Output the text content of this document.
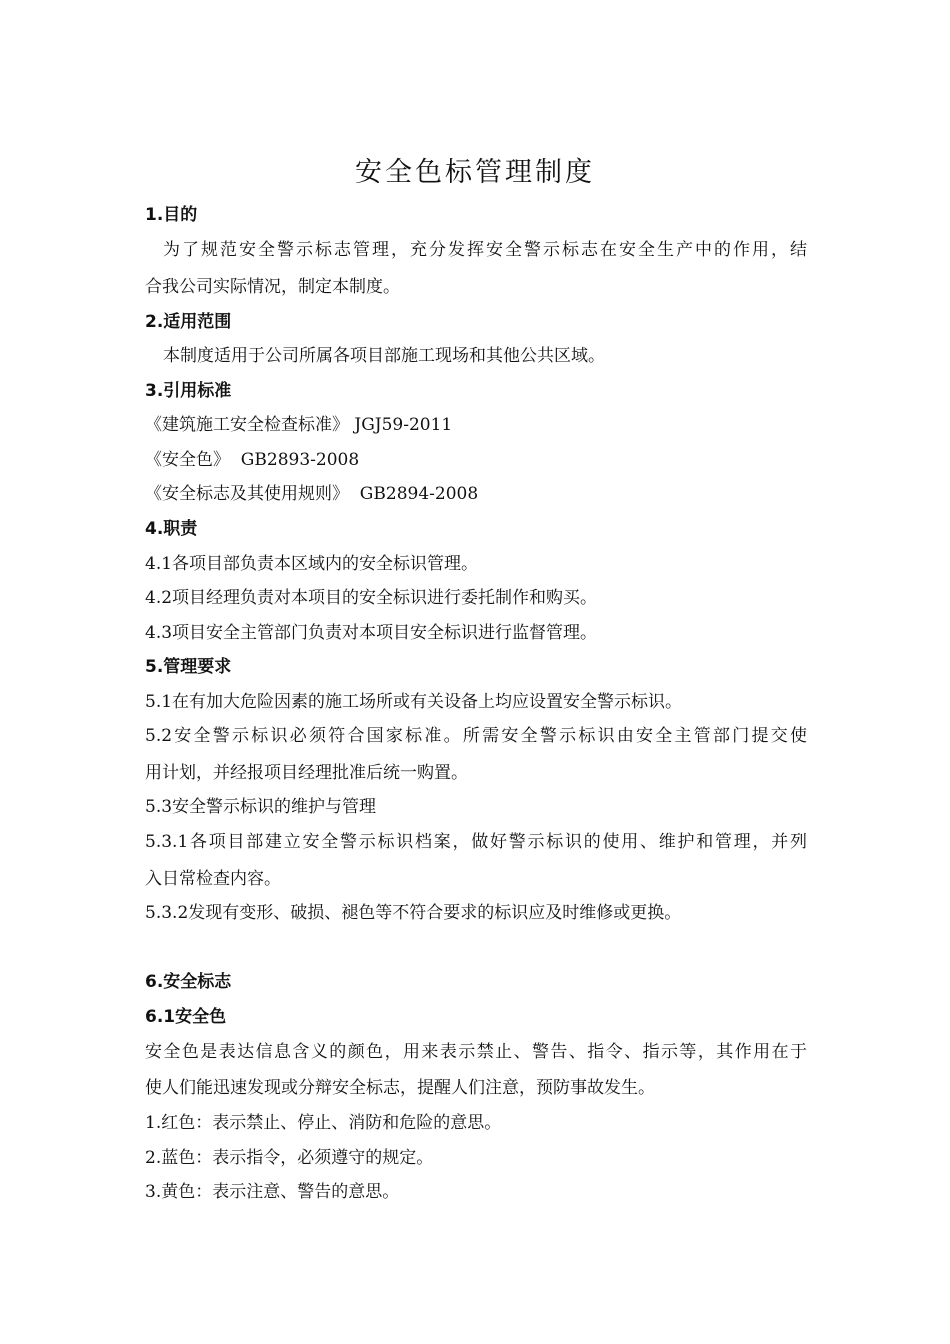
安全色标管理制度
1.目的
为了规范安全警示标志管理，充分发挥安全警示标志在安全生产中的作用，结
合我公司实际情况，制定本制度。
2.适用范围
本制度适用于公司所属各项目部施工现场和其他公共区域。
3.引用标准
《建筑施工安全检查标准》 JGJ59-2011
《安全色》  GB2893-2008
《安全标志及其使用规则》  GB2894-2008
4.职责
4.1各项目部负责本区域内的安全标识管理。
4.2项目经理负责对本项目的安全标识进行委托制作和购买。
4.3项目安全主管部门负责对本项目安全标识进行监督管理。
5.管理要求
5.1在有加大危险因素的施工场所或有关设备上均应设置安全警示标识。
5.2安全警示标识必须符合国家标准。所需安全警示标识由安全主管部门提交使
用计划，并经报项目经理批准后统一购置。
5.3安全警示标识的维护与管理
5.3.1各项目部建立安全警示标识档案，做好警示标识的使用、维护和管理，并列
入日常检查内容。
5.3.2发现有变形、破损、褪色等不符合要求的标识应及时维修或更换。
6.安全标志
6.1安全色
安全色是表达信息含义的颜色，用来表示禁止、警告、指令、指示等，其作用在于
使人们能迅速发现或分辩安全标志，提醒人们注意，预防事故发生。
1.红色：表示禁止、停止、消防和危险的意思。
2.蓝色：表示指令，必须遵守的规定。
3.黄色：表示注意、警告的意思。
